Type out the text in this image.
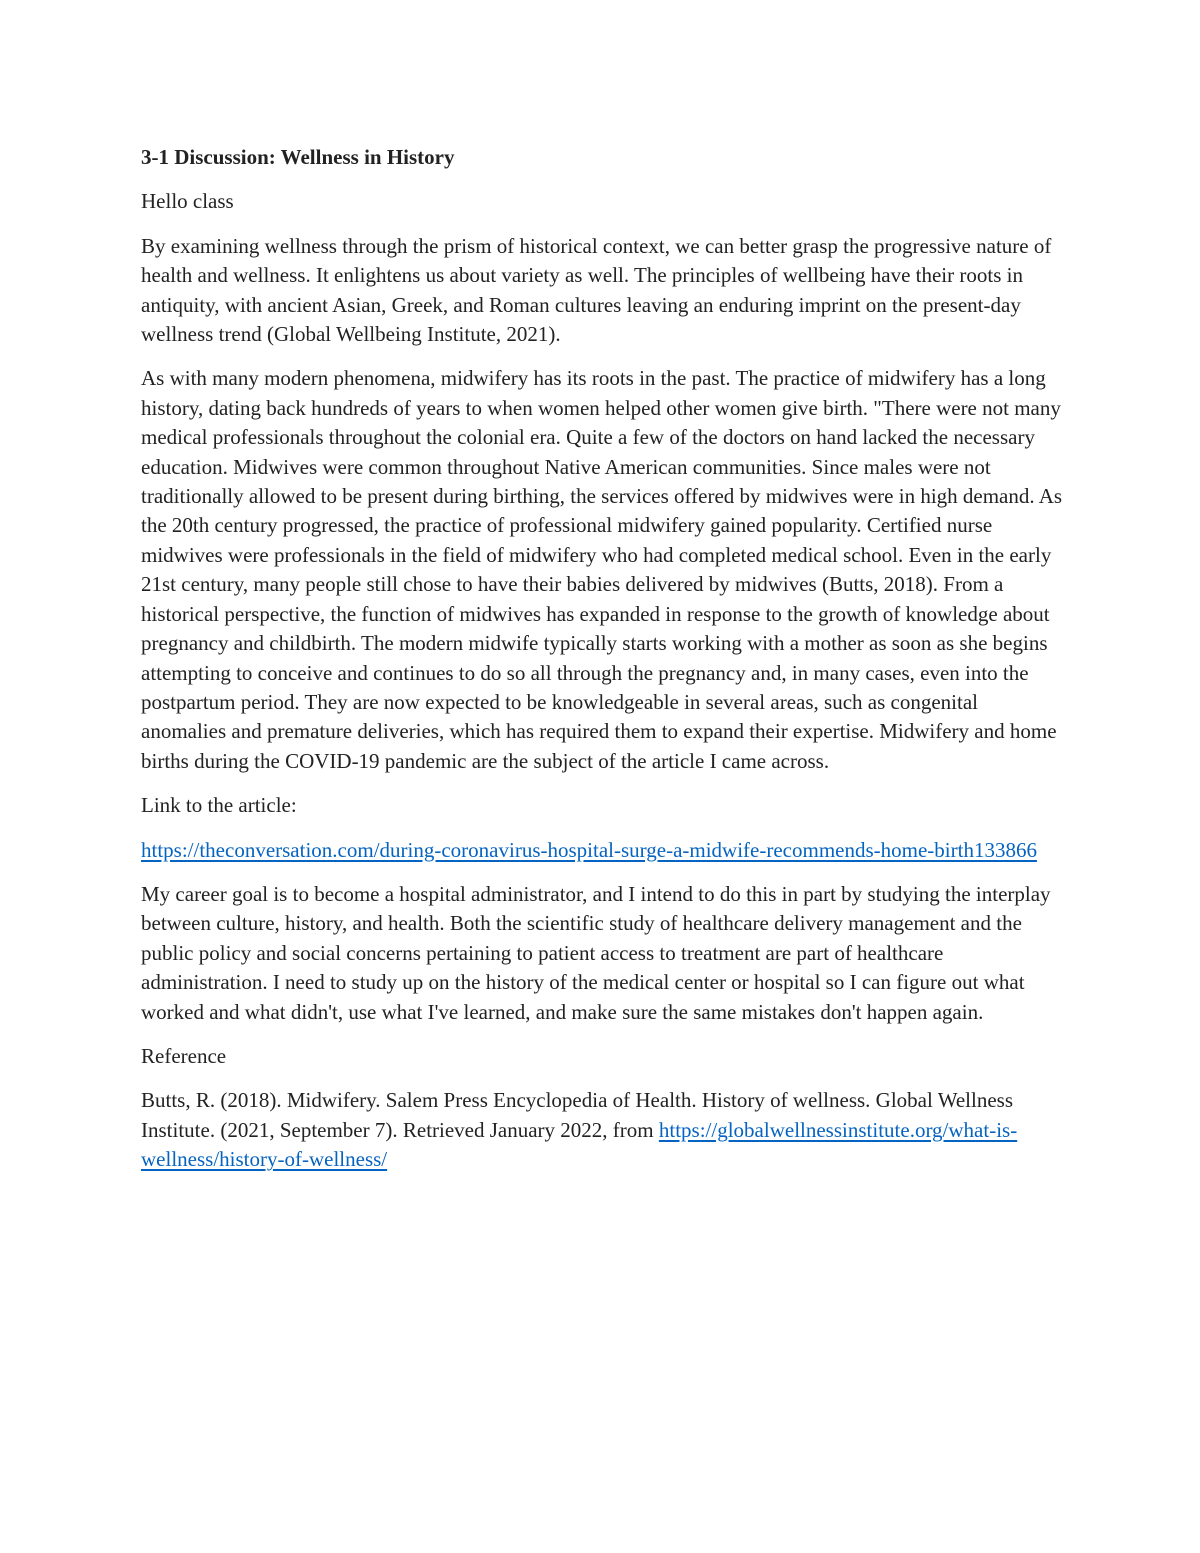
3-1 Discussion: Wellness in History

Hello class

By examining wellness through the prism of historical context, we can better grasp the progressive nature of health and wellness. It enlightens us about variety as well. The principles of wellbeing have their roots in antiquity, with ancient Asian, Greek, and Roman cultures leaving an enduring imprint on the present-day wellness trend (Global Wellbeing Institute, 2021).

As with many modern phenomena, midwifery has its roots in the past. The practice of midwifery has a long history, dating back hundreds of years to when women helped other women give birth. "There were not many medical professionals throughout the colonial era. Quite a few of the doctors on hand lacked the necessary education. Midwives were common throughout Native American communities. Since males were not traditionally allowed to be present during birthing, the services offered by midwives were in high demand. As the 20th century progressed, the practice of professional midwifery gained popularity. Certified nurse midwives were professionals in the field of midwifery who had completed medical school. Even in the early 21st century, many people still chose to have their babies delivered by midwives (Butts, 2018). From a historical perspective, the function of midwives has expanded in response to the growth of knowledge about pregnancy and childbirth. The modern midwife typically starts working with a mother as soon as she begins attempting to conceive and continues to do so all through the pregnancy and, in many cases, even into the postpartum period. They are now expected to be knowledgeable in several areas, such as congenital anomalies and premature deliveries, which has required them to expand their expertise. Midwifery and home births during the COVID-19 pandemic are the subject of the article I came across.

Link to the article:

https://theconversation.com/during-coronavirus-hospital-surge-a-midwife-recommends-home-birth133866

My career goal is to become a hospital administrator, and I intend to do this in part by studying the interplay between culture, history, and health. Both the scientific study of healthcare delivery management and the public policy and social concerns pertaining to patient access to treatment are part of healthcare administration. I need to study up on the history of the medical center or hospital so I can figure out what worked and what didn't, use what I've learned, and make sure the same mistakes don't happen again.

Reference

Butts, R. (2018). Midwifery. Salem Press Encyclopedia of Health. History of wellness. Global Wellness Institute. (2021, September 7). Retrieved January 2022, from https://globalwellnessinstitute.org/what-is-wellness/history-of-wellness/
